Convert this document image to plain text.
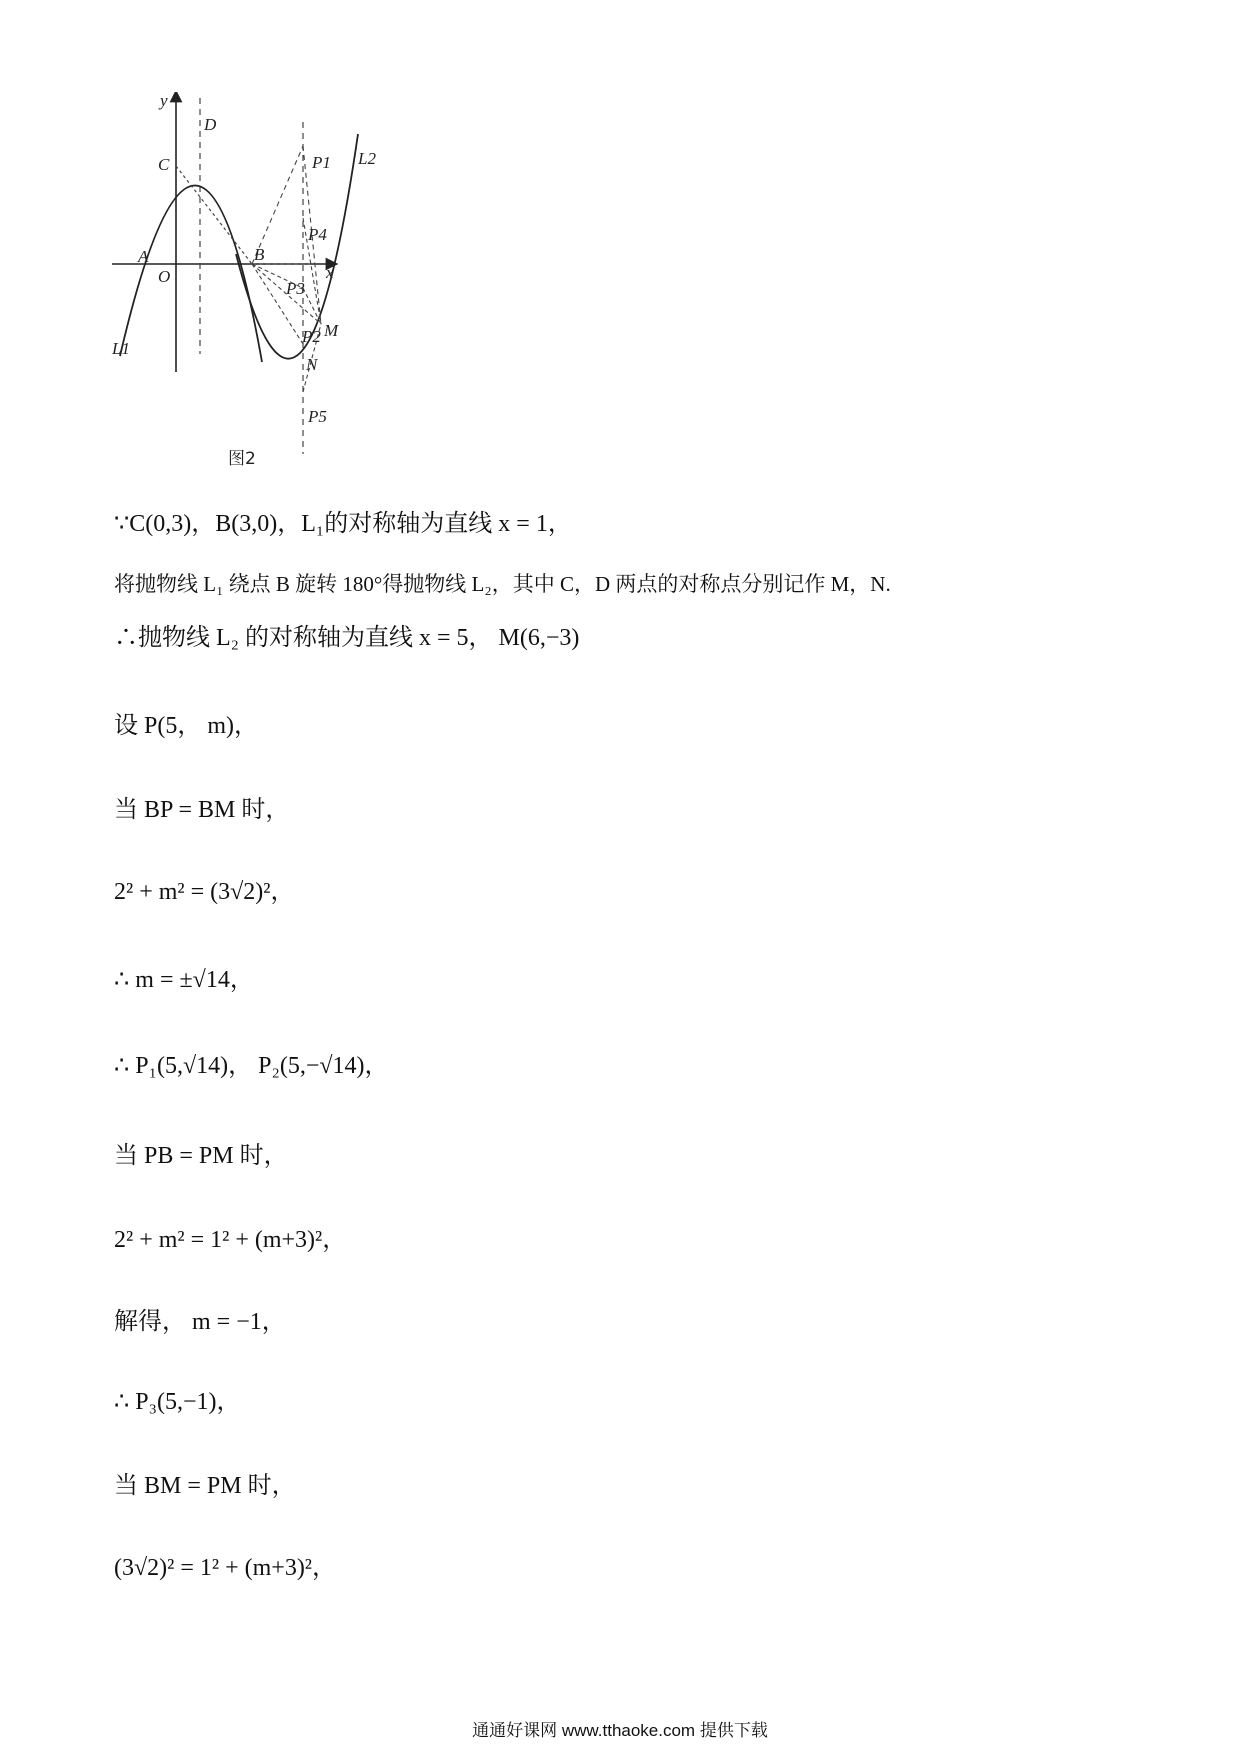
y
x
O
A	B
C
D
M
N
P1
P4
P3
P2
P5
L1
L2
图2
∵C(0,3)，B(3,0)，L₁的对称轴为直线 x = 1，
将抛物线 L₁ 绕点 B 旋转 180°得抛物线 L₂，其中 C，D 两点的对称点分别记作 M，N.
∴抛物线 L₂ 的对称轴为直线 x = 5， M(6,−3)
设 P(5， m)，
当 BP = BM 时，
2² + m² = (3√2)²，
∴ m = ±√14，
∴ P₁(5,√14)， P₂(5,−√14)，
当 PB = PM 时，
2² + m² = 1² + (m+3)²，
解得， m = −1，
∴ P₃(5,−1)，
当 BM = PM 时，
(3√2)² = 1² + (m+3)²，
通通好课网 www.tthaoke.com 提供下载
